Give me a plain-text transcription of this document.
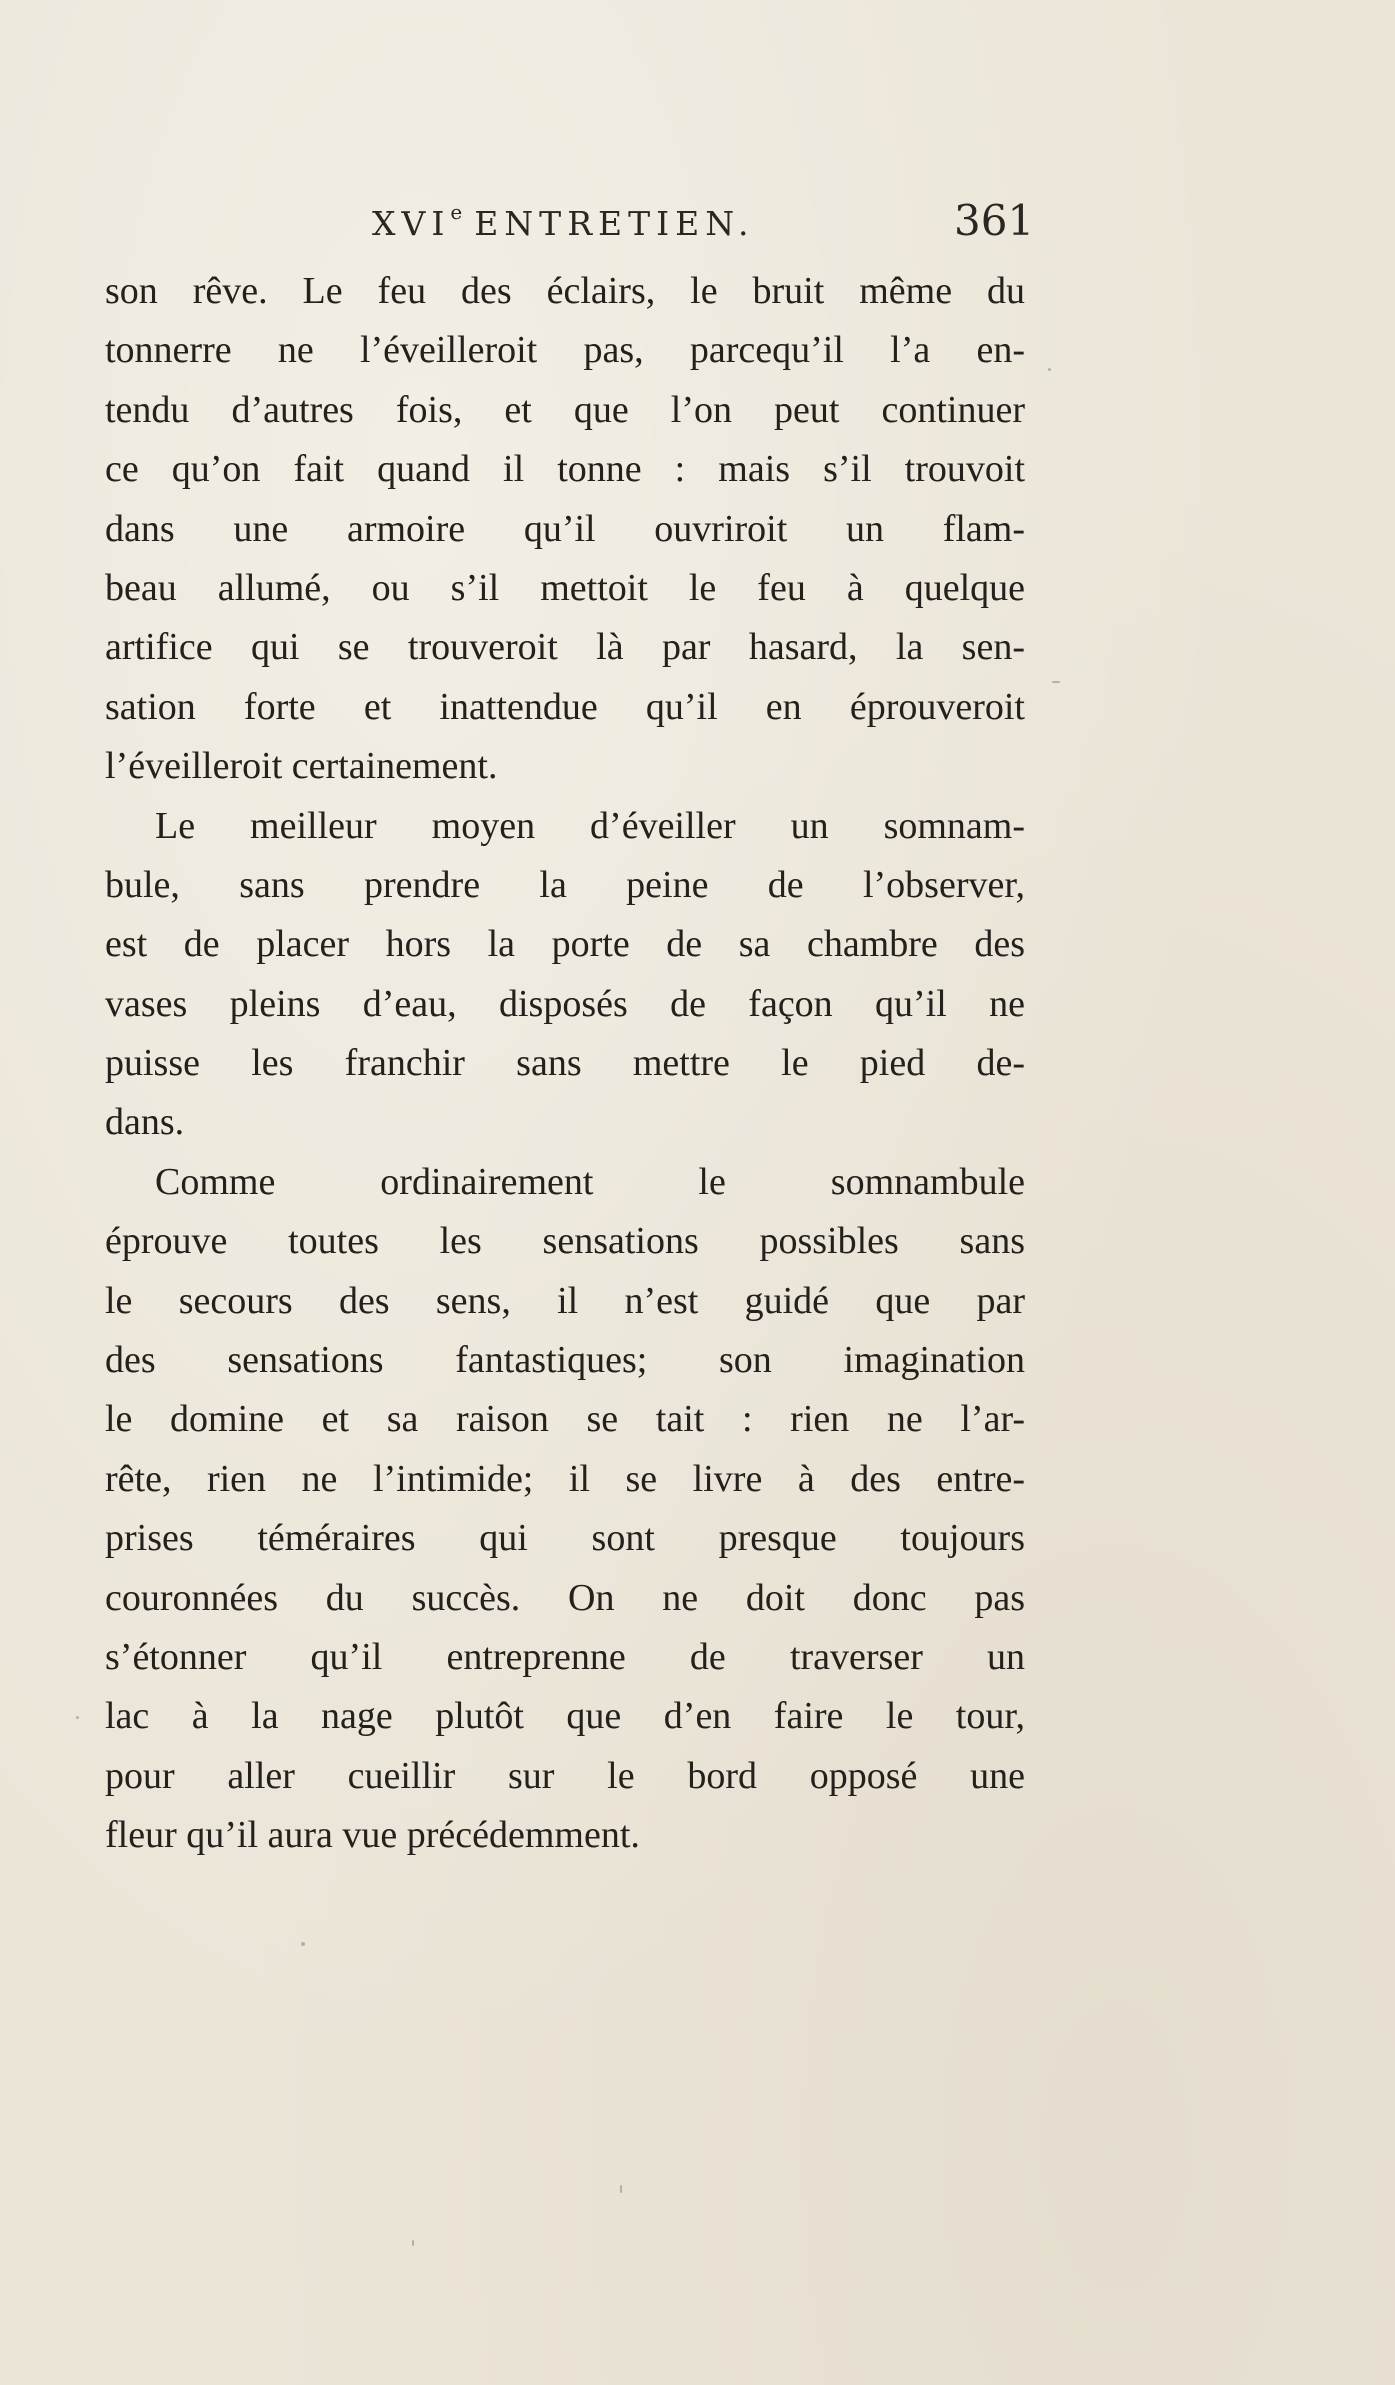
XVIe ENTRETIEN.	361
son rêve. Le feu des éclairs, le bruit même du
tonnerre ne l’éveilleroit pas, parcequ’il l’a en-
tendu d’autres fois, et que l’on peut continuer
ce qu’on fait quand il tonne : mais s’il trouvoit
dans une armoire qu’il ouvriroit un flam-
beau allumé, ou s’il mettoit le feu à quelque
artifice qui se trouveroit là par hasard, la sen-
sation forte et inattendue qu’il en éprouveroit
l’éveilleroit certainement.
Le meilleur moyen d’éveiller un somnam-
bule, sans prendre la peine de l’observer,
est de placer hors la porte de sa chambre des
vases pleins d’eau, disposés de façon qu’il ne
puisse les franchir sans mettre le pied de-
dans.
Comme ordinairement le somnambule
éprouve toutes les sensations possibles sans
le secours des sens, il n’est guidé que par
des sensations fantastiques; son imagination
le domine et sa raison se tait : rien ne l’ar-
rête, rien ne l’intimide; il se livre à des entre-
prises téméraires qui sont presque toujours
couronnées du succès. On ne doit donc pas
s’étonner qu’il entreprenne de traverser un
lac à la nage plutôt que d’en faire le tour,
pour aller cueillir sur le bord opposé une
fleur qu’il aura vue précédemment.
